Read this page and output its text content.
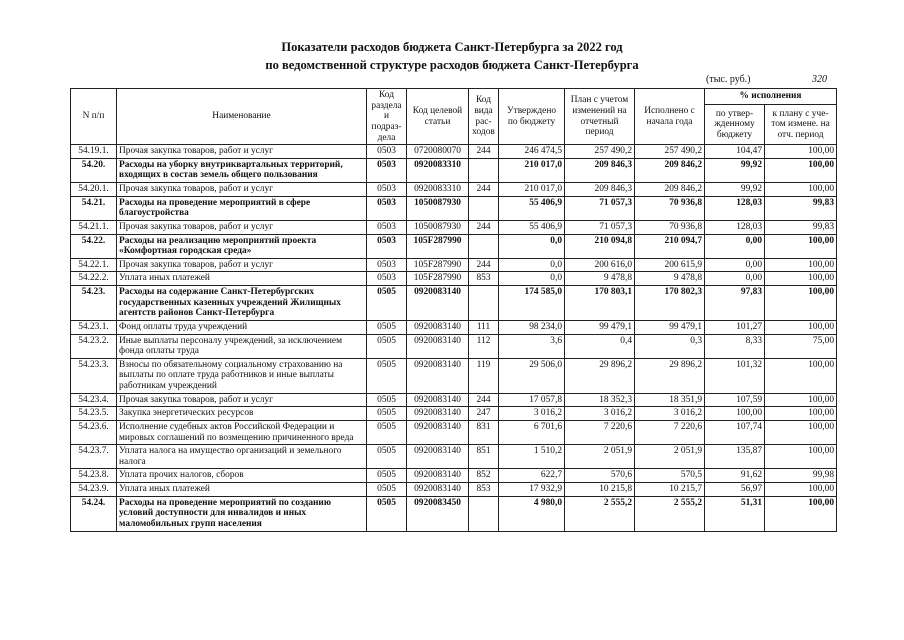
Показатели расходов бюджета Санкт-Петербурга за 2022 год
по ведомственной структуре расходов бюджета Санкт-Петербурга
(тыс. руб.)	320
N п/п	Наименование	Код раздела и подраз-дела	Код целевой статьи	Код вида рас-ходов	Утверждено по бюджету	План с учетом изменений на отчетный период	Исполнено с начала года	% исполнения	
								по утвер-жденному бюджету	к плану с уче-том измене. на отч. период
54.19.1.	Прочая закупка товаров, работ и услуг	0503	0720080070	244	246 474,5	257 490,2	257 490,2	104,47	100,00
54.20.	Расходы на уборку внутриквартальных территорий, входящих в состав земель общего пользования	0503	0920083310		210 017,0	209 846,3	209 846,2	99,92	100,00
54.20.1.	Прочая закупка товаров, работ и услуг	0503	0920083310	244	210 017,0	209 846,3	209 846,2	99,92	100,00
54.21.	Расходы на проведение мероприятий в сфере благоустройства	0503	1050087930		55 406,9	71 057,3	70 936,8	128,03	99,83
54.21.1.	Прочая закупка товаров, работ и услуг	0503	1050087930	244	55 406,9	71 057,3	70 936,8	128,03	99,83
54.22.	Расходы на реализацию мероприятий проекта «Комфортная городская среда»	0503	105F287990		0,0	210 094,8	210 094,7	0,00	100,00
54.22.1.	Прочая закупка товаров, работ и услуг	0503	105F287990	244	0,0	200 616,0	200 615,9	0,00	100,00
54.22.2.	Уплата иных платежей	0503	105F287990	853	0,0	9 478,8	9 478,8	0,00	100,00
54.23.	Расходы на содержание Санкт-Петербургских государственных казенных учреждений Жилищных агентств районов Санкт-Петербурга	0505	0920083140		174 585,0	170 803,1	170 802,3	97,83	100,00
54.23.1.	Фонд оплаты труда учреждений	0505	0920083140	111	98 234,0	99 479,1	99 479,1	101,27	100,00
54.23.2.	Иные выплаты персоналу учреждений, за исключением фонда оплаты труда	0505	0920083140	112	3,6	0,4	0,3	8,33	75,00
54.23.3.	Взносы по обязательному социальному страхованию на выплаты по оплате труда работников и иные выплаты работникам учреждений	0505	0920083140	119	29 506,0	29 896,2	29 896,2	101,32	100,00
54.23.4.	Прочая закупка товаров, работ и услуг	0505	0920083140	244	17 057,8	18 352,3	18 351,9	107,59	100,00
54.23.5.	Закупка энергетических ресурсов	0505	0920083140	247	3 016,2	3 016,2	3 016,2	100,00	100,00
54.23.6.	Исполнение судебных актов Российской Федерации и мировых соглашений по возмещению причиненного вреда	0505	0920083140	831	6 701,6	7 220,6	7 220,6	107,74	100,00
54.23.7.	Уплата налога на имущество организаций и земельного налога	0505	0920083140	851	1 510,2	2 051,9	2 051,9	135,87	100,00
54.23.8.	Уплата прочих налогов, сборов	0505	0920083140	852	622,7	570,6	570,5	91,62	99,98
54.23.9.	Уплата иных платежей	0505	0920083140	853	17 932,9	10 215,8	10 215,7	56,97	100,00
54.24.	Расходы на проведение мероприятий по созданию условий доступности для инвалидов и иных маломобильных групп населения	0505	0920083450		4 980,0	2 555,2	2 555,2	51,31	100,00
